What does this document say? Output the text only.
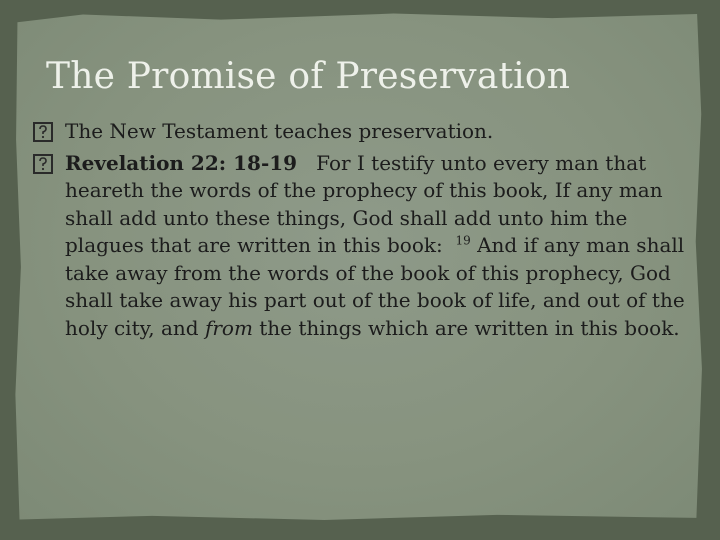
The Promise of Preservation

The New Testament teaches preservation.

Revelation 22: 18-19 For I testify unto every man that heareth the words of the prophecy of this book, If any man shall add unto these things, God shall add unto him the plagues that are written in this book: $^{19}$ And if any man shall take away from the words of the book of this prophecy, God shall take away his part out of the book of life, and out of the holy city, and from the things which are written in this book.
